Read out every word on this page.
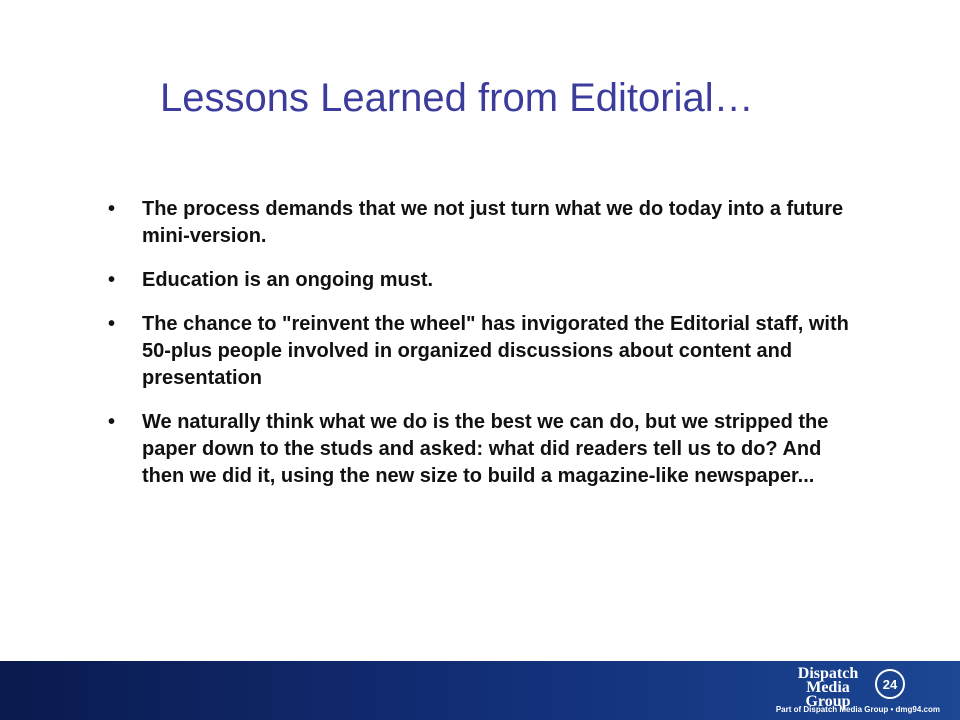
Lessons Learned from Editorial…
• The process demands that we not just turn what we do today into a future mini-version.
• Education is an ongoing must.
• The chance to "reinvent the wheel" has invigorated the Editorial staff, with 50-plus people involved in organized discussions about content and presentation
• We naturally think what we do is the best we can do, but we stripped the paper down to the studs and asked: what did readers tell us to do? And then we did it, using the new size to build a magazine-like newspaper...
Dispatch Media Group
24
Part of Dispatch Media Group • dmg94.com
